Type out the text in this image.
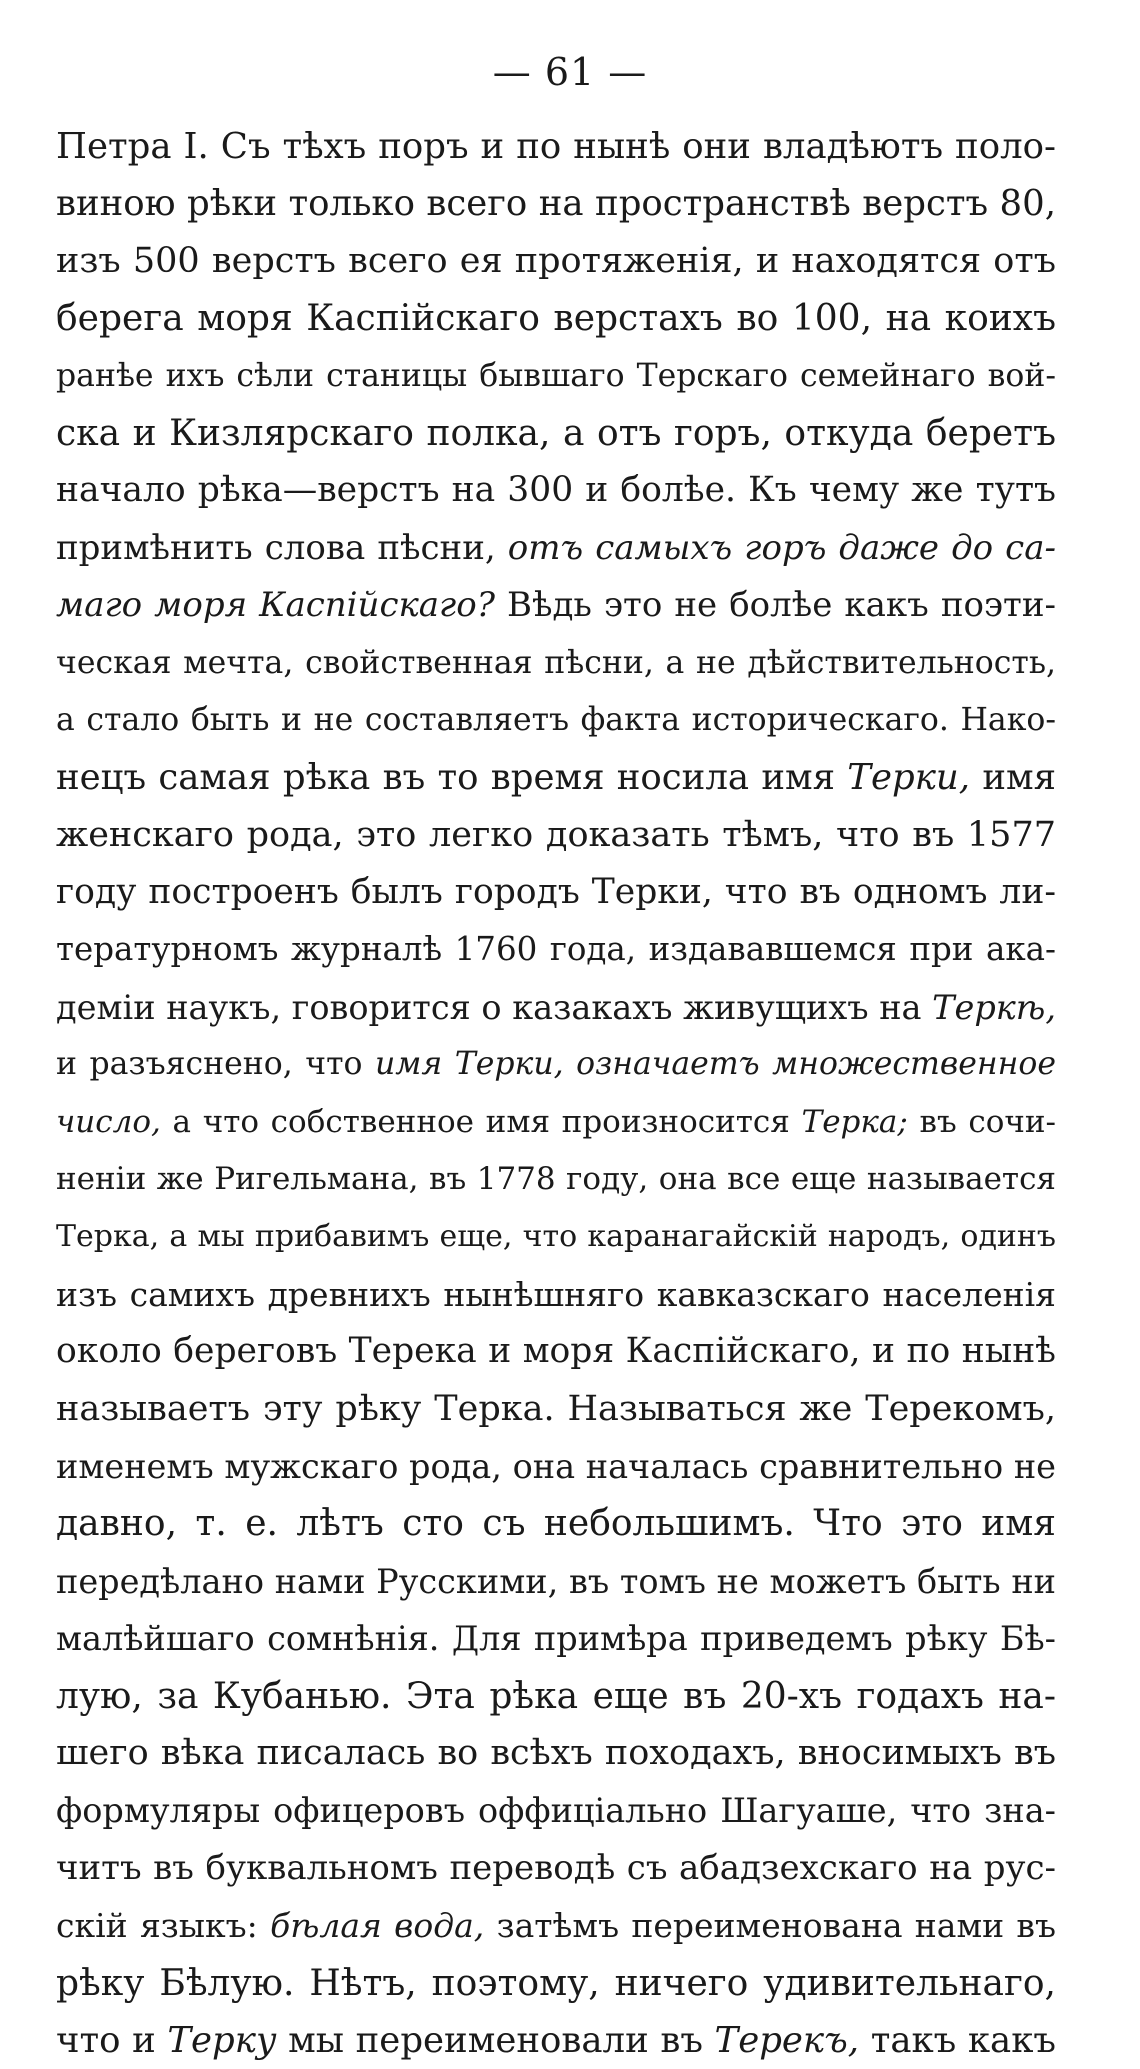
— 61 —
Петра I. Съ тѣхъ поръ и по нынѣ они владѣютъ поло-
виною рѣки только всего на пространствѣ верстъ 80,
изъ 500 верстъ всего ея протяженія, и находятся отъ
берега моря Каспійскаго верстахъ во 100, на коихъ
ранѣе ихъ сѣли станицы бывшаго Терскаго семейнаго вой-
ска и Кизлярскаго полка, а отъ горъ, откуда беретъ
начало рѣка—верстъ на 300 и болѣе. Къ чему же тутъ
примѣнить слова пѣсни, отъ самыхъ горъ даже до са-
маго моря Каспійскаго? Вѣдь это не болѣе какъ поэти-
ческая мечта, свойственная пѣсни, а не дѣйствительность,
а стало быть и не составляетъ факта историческаго. Нако-
нецъ самая рѣка въ то время носила имя Терки, имя
женскаго рода, это легко доказать тѣмъ, что въ 1577
году построенъ былъ городъ Терки, что въ одномъ ли-
тературномъ журналѣ 1760 года, издававшемся при ака-
деміи наукъ, говорится о казакахъ живущихъ на Теркѣ,
и разъяснено, что имя Терки, означаетъ множественное
число, а что собственное имя произносится Терка; въ сочи-
неніи же Ригельмана, въ 1778 году, она все еще называется
Терка, а мы прибавимъ еще, что каранагайскій народъ, одинъ
изъ самихъ древнихъ нынѣшняго кавказскаго населенія
около береговъ Терека и моря Каспійскаго, и по нынѣ
называетъ эту рѣку Терка. Называться же Терекомъ,
именемъ мужскаго рода, она началась сравнительно не
давно, т. е. лѣтъ сто съ небольшимъ. Что это имя
передѣлано нами Русскими, въ томъ не можетъ быть ни
малѣйшаго сомнѣнія. Для примѣра приведемъ рѣку Бѣ-
лую, за Кубанью. Эта рѣка еще въ 20-хъ годахъ на-
шего вѣка писалась во всѣхъ походахъ, вносимыхъ въ
формуляры офицеровъ оффиціально Шагуаше, что зна-
читъ въ буквальномъ переводѣ съ абадзехскаго на рус-
скій языкъ: бѣлая вода, затѣмъ переименована нами въ
рѣку Бѣлую. Нѣтъ, поэтому, ничего удивительнаго,
что и Терку мы переименовали въ Терекъ, такъ какъ
